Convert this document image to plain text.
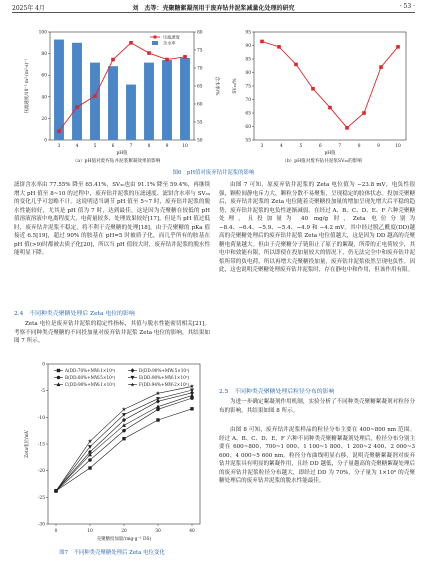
2025年 4月	刘　杰等：壳聚糖絮凝剂用于废弃钻井泥浆减量化处理的研究	· 53 ·
0
20
40
60
80
100
50
55
60
65
70
75
80
3	4	5	6	7	8	9	10
pH值
压滤速度/10⁻² m³·(m²·s)⁻¹	含水率/%
压滤速度
含水率
（a）pH值对废弃钻井泥浆絮凝效果的影响
55
60
65
70
75
80
85
90
95
3	4	5	6	7	8	9	10
pH值
SV₃₀/%
（b）pH值对废弃钻井泥浆SV₃₀的影响
图6　pH值对废弃钻井泥浆的影响

滤饼含水率由 77.55% 降至 65.41%，SV₃₀也由 91.1% 降至 59.4%，再继续增大 pH 值至 8~10 的过程中，废弃钻井泥浆的压滤速度、滤饼含水率与 SV₃₀ 的变化几乎可忽略不计。这说明适当调节 pH 值至 5~7 时，废弃钻井泥浆的脱水性能较好，尤其是 pH 值为 7 时，达到最佳。这是因为壳聚糖在较低的 pH 值溶液溶液中电离程度大，电荷量较多，处理效果较好[17]，但是当 pH 值过低时，废弃钻井泥浆不稳定，将不利于壳聚糖的处理[18]。由于壳聚糖的 pKa 值接近 6.5[19]，超过 90% 的胺基在 pH=5 时被质子化，而几乎所有的胺基在 pH 值(>9)时都被去质子化[20]，所以当 pH 值较大时，废弃钻井泥浆的脱水性能明显下降。

2.4　不同种类壳聚糖处理后 Zeta 电位的影响

Zeta 电位是废弃钻井泥浆的稳定性指标，其值与脱水性能密切相关[21]。考察不同种类壳聚糖的不同投加量对废弃钻井泥浆 Zeta 电位的影响，其结果如图 7 所示。

★
★
★
★
★
0
-5
-10
-15
-20
-25
-30
0	10	20	30	40
壳聚糖投加量/(mg·g⁻¹ DS)
Zeta电位/mV
A(DD:70%+MW:1×10⁶)
B(DD:80%+MW:5×10⁵)
C(DD:90%+MW:1×10⁵)
D(DD:90%+MW:5×10⁵)
E(DD:90%+MW:1×10⁶)
★ F(DD:94%+MW:2×10⁶)
图7　不同种类壳聚糖处理后 Zeta 电位变化

由图 7 可知，原废弃钻井泥浆的 Zeta 电位值为 −23.8 mV，电负性很强，颗粒间静电斥力大，颗粒分散不易聚集，呈现稳定的胶体状态。投加壳聚糖后，废弃钻井泥浆的 Zeta 电位随着壳聚糖投加量的增加呈现先增大后平稳的趋势，废弃钻井泥浆的电负性逐渐减弱。在经过 A、B、C、D、E、F 六种壳聚糖处理，且投加量为 40 mg/g 时，Zeta 电位分别为 −8.4、−6.4、−5.9、−5.4、−4.9 和 −4.2 mV。其中经过脱乙酰度(DD)越高的壳聚糖处理后的废弃钻井泥浆 Zeta 电位值越大，这是因为 DD 越高的壳聚糖电荷量越大。但由于壳聚糖分子链阻止了原子的絮凝，所带的正电荷较少，其电中和效能有限，所以即使在投加量较大的情况下，仍无法完全中和废弃钻井泥浆所带的负电荷，所以再增大壳聚糖投加量，废弃钻井泥浆依然呈现电负性。因此，这也说明壳聚糖处理废弃钻井泥浆时，存在静电中和作用，但该作用有限。

2.5　不同种类壳聚糖处理后粒径分布的影响

为进一步确定絮凝剂作用机制，实验分析了不同种类壳聚糖絮凝剂对粒径分布的影响，其结果如图 8 所示。

由图 8 可知，废弃钻井泥浆样品的粒径分布主要在 400~800 nm 范围。经过 A、B、C、D、E、F 六种不同种类壳聚糖絮凝剂处理后，粒径分布分别主要在 600~800、700~1 000、1 100~1 800、1 200~2 400、2 000~3 600、4 000~5 600 nm。粒径分布曲线明显右移，说明壳聚糖絮凝剂对废弃钻井泥浆具有明显的絮凝作用，且经 DD 越低，分子量越高的壳聚糖絮凝处理后的废弃钻井泥浆粒径分布越大，即经过 DD 为 70%，分子量为 1×10⁶ 的壳聚糖处理后的废弃钻井泥浆的脱水性能最佳。
